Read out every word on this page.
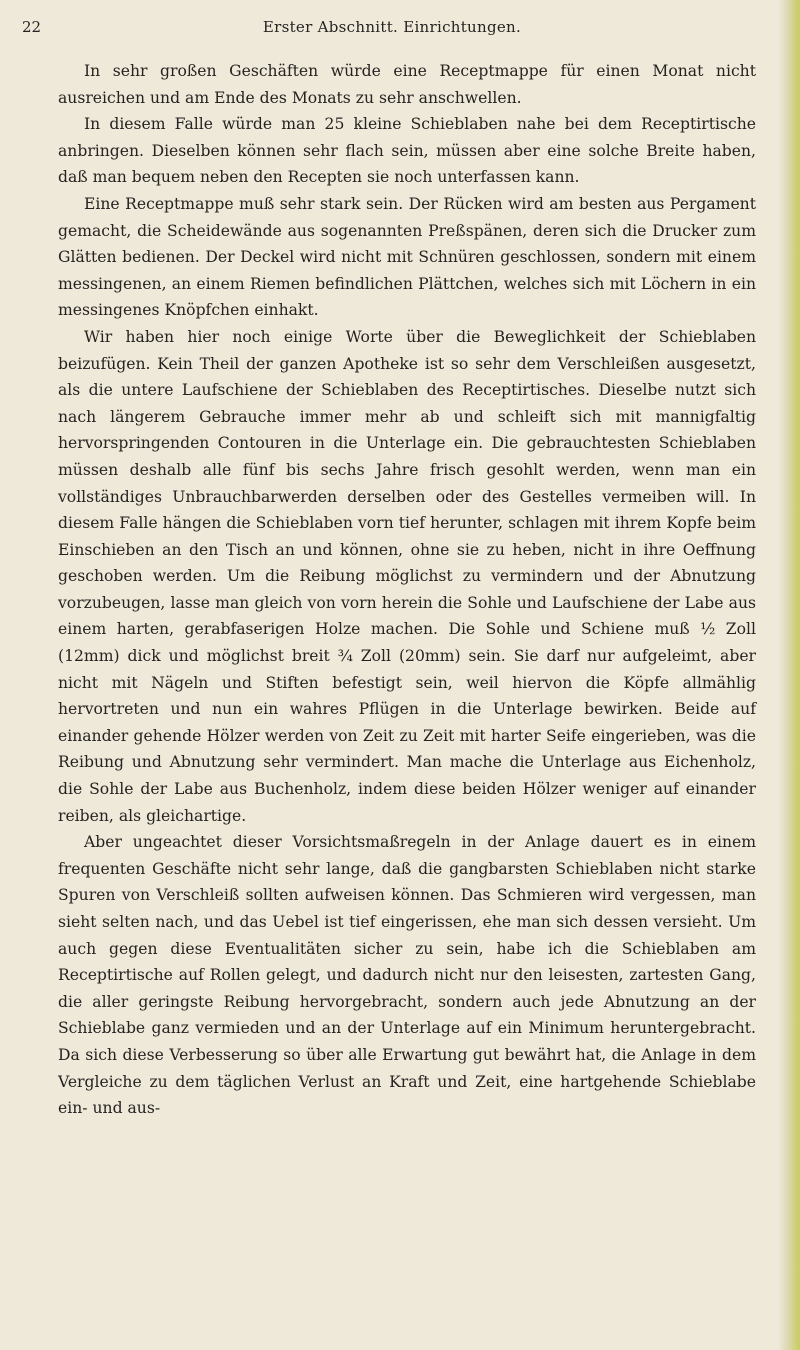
22	Erster Abschnitt. Einrichtungen.

In sehr großen Geschäften würde eine Receptmappe für einen Monat nicht ausreichen und am Ende des Monats zu sehr anschwellen.

In diesem Falle würde man 25 kleine Schieblaben nahe bei dem Receptirtische anbringen. Dieselben können sehr flach sein, müssen aber eine solche Breite haben, daß man bequem neben den Recepten sie noch unterfassen kann.

Eine Receptmappe muß sehr stark sein. Der Rücken wird am besten aus Pergament gemacht, die Scheidewände aus sogenannten Preßspänen, deren sich die Drucker zum Glätten bedienen. Der Deckel wird nicht mit Schnüren geschlossen, sondern mit einem messingenen, an einem Riemen befindlichen Plättchen, welches sich mit Löchern in ein messingenes Knöpfchen einhakt.

Wir haben hier noch einige Worte über die Beweglichkeit der Schieblaben beizufügen. Kein Theil der ganzen Apotheke ist so sehr dem Verschleißen ausgesetzt, als die untere Laufschiene der Schieblaben des Receptirtisches. Dieselbe nutzt sich nach längerem Gebrauche immer mehr ab und schleift sich mit mannigfaltig hervorspringenden Contouren in die Unterlage ein. Die gebrauchtesten Schieblaben müssen deshalb alle fünf bis sechs Jahre frisch gesohlt werden, wenn man ein vollständiges Unbrauchbarwerden derselben oder des Gestelles vermeiben will. In diesem Falle hängen die Schieblaben vorn tief herunter, schlagen mit ihrem Kopfe beim Einschieben an den Tisch an und können, ohne sie zu heben, nicht in ihre Oeffnung geschoben werden. Um die Reibung möglichst zu vermindern und der Abnutzung vorzubeugen, lasse man gleich von vorn herein die Sohle und Laufschiene der Labe aus einem harten, gerabfaserigen Holze machen. Die Sohle und Schiene muß ½ Zoll (12mm) dick und möglichst breit ¾ Zoll (20mm) sein. Sie darf nur aufgeleimt, aber nicht mit Nägeln und Stiften befestigt sein, weil hiervon die Köpfe allmählig hervortreten und nun ein wahres Pflügen in die Unterlage bewirken. Beide auf einander gehende Hölzer werden von Zeit zu Zeit mit harter Seife eingerieben, was die Reibung und Abnutzung sehr vermindert. Man mache die Unterlage aus Eichenholz, die Sohle der Labe aus Buchenholz, indem diese beiden Hölzer weniger auf einander reiben, als gleichartige.

Aber ungeachtet dieser Vorsichtsmaßregeln in der Anlage dauert es in einem frequenten Geschäfte nicht sehr lange, daß die gangbarsten Schieblaben nicht starke Spuren von Verschleiß sollten aufweisen können. Das Schmieren wird vergessen, man sieht selten nach, und das Uebel ist tief eingerissen, ehe man sich dessen versieht. Um auch gegen diese Eventualitäten sicher zu sein, habe ich die Schieblaben am Receptirtische auf Rollen gelegt, und dadurch nicht nur den leisesten, zartesten Gang, die aller geringste Reibung hervorgebracht, sondern auch jede Abnutzung an der Schieblabe ganz vermieden und an der Unterlage auf ein Minimum heruntergebracht. Da sich diese Verbesserung so über alle Erwartung gut bewährt hat, die Anlage in dem Vergleiche zu dem täglichen Verlust an Kraft und Zeit, eine hartgehende Schieblabe ein- und aus-
